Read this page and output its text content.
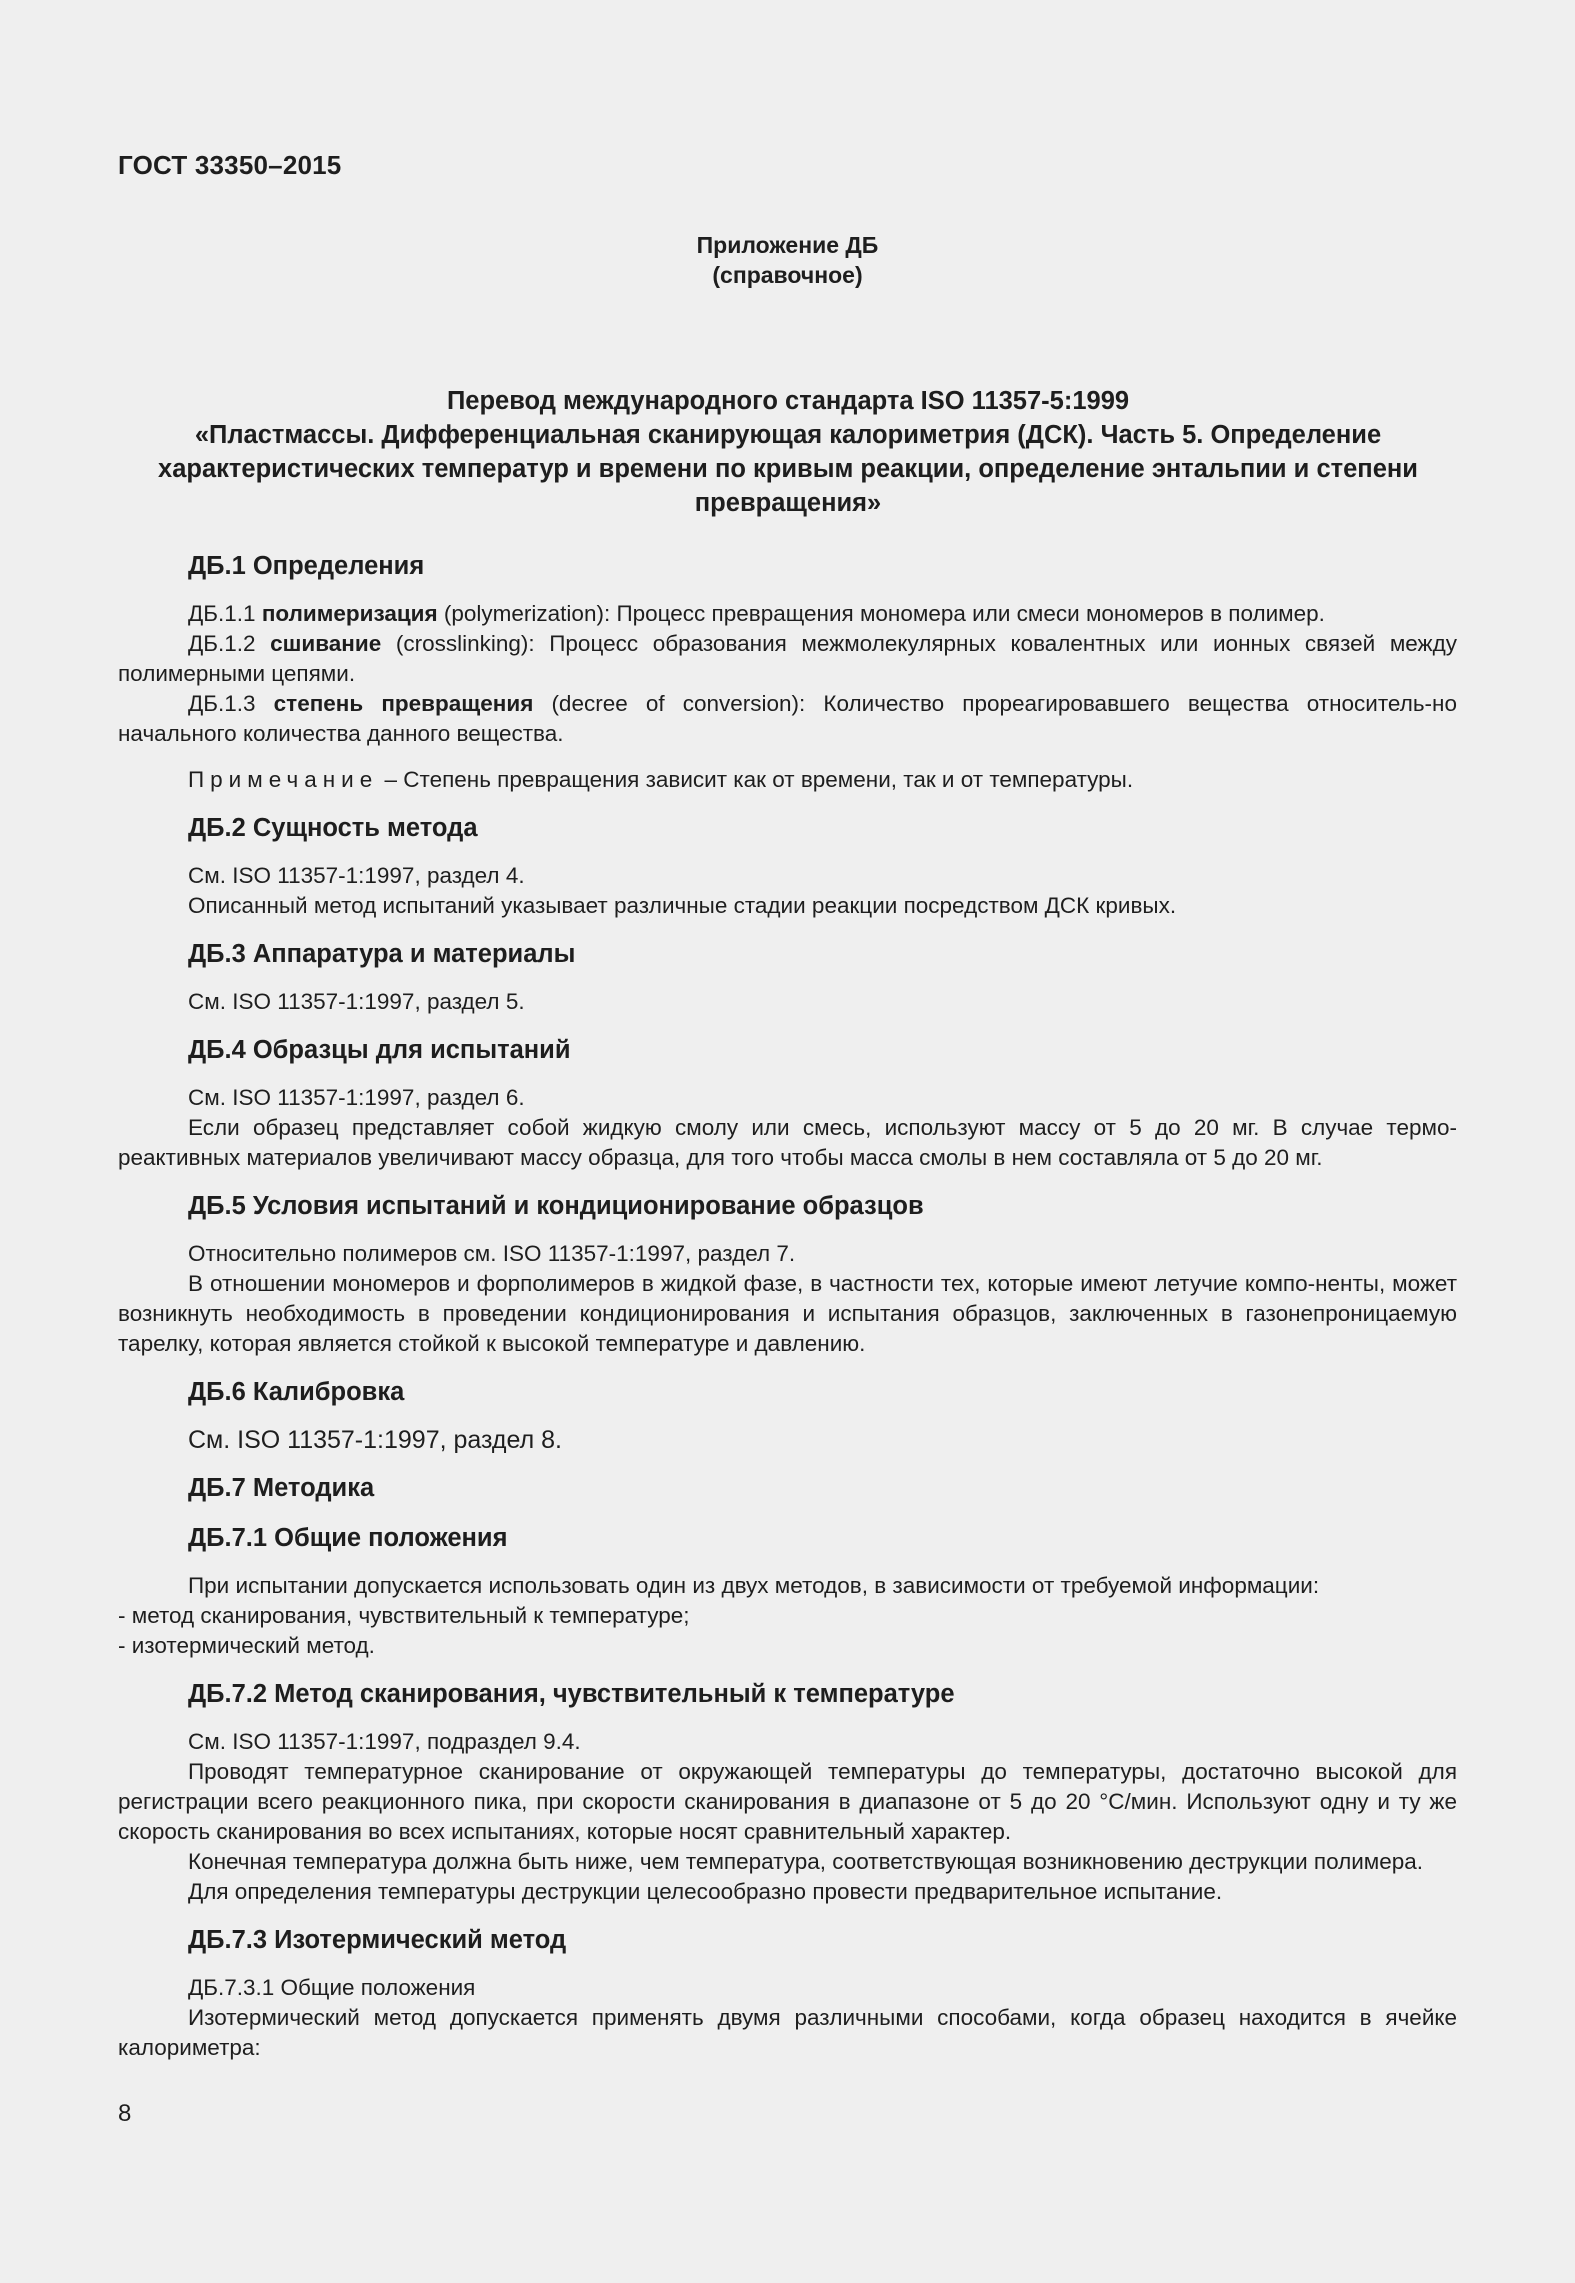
ГОСТ 33350–2015
Приложение ДБ
(справочное)
Перевод международного стандарта ISO 11357-5:1999
«Пластмассы. Дифференциальная сканирующая калориметрия (ДСК). Часть 5. Определение характеристических температур и времени по кривым реакции, определение энтальпии и степени превращения»
ДБ.1 Определения

ДБ.1.1 полимеризация (polymerization): Процесс превращения мономера или смеси мономеров в полимер.

ДБ.1.2 сшивание (crosslinking): Процесс образования межмолекулярных ковалентных или ионных связей между полимерными цепями.

ДБ.1.3 степень превращения (decree of conversion): Количество прореагировавшего вещества относитель-но начального количества данного вещества.

Примечание – Степень превращения зависит как от времени, так и от температуры.

ДБ.2 Сущность метода

См. ISO 11357-1:1997, раздел 4.

Описанный метод испытаний указывает различные стадии реакции посредством ДСК кривых.

ДБ.3 Аппаратура и материалы

См. ISO 11357-1:1997, раздел 5.

ДБ.4 Образцы для испытаний

См. ISO 11357-1:1997, раздел 6.

Если образец представляет собой жидкую смолу или смесь, используют массу от 5 до 20 мг. В случае термо-реактивных материалов увеличивают массу образца, для того чтобы масса смолы в нем составляла от 5 до 20 мг.

ДБ.5 Условия испытаний и кондиционирование образцов

Относительно полимеров см. ISO 11357-1:1997, раздел 7.

В отношении мономеров и форполимеров в жидкой фазе, в частности тех, которые имеют летучие компо-ненты, может возникнуть необходимость в проведении кондиционирования и испытания образцов, заключенных в газонепроницаемую тарелку, которая является стойкой к высокой температуре и давлению.

ДБ.6 Калибровка

См. ISO 11357-1:1997, раздел 8.

ДБ.7 Методика
ДБ.7.1 Общие положения

При испытании допускается использовать один из двух методов, в зависимости от требуемой информации:

- метод сканирования, чувствительный к температуре;

- изотермический метод.

ДБ.7.2 Метод сканирования, чувствительный к температуре

См. ISO 11357-1:1997, подраздел 9.4.

Проводят температурное сканирование от окружающей температуры до температуры, достаточно высокой для регистрации всего реакционного пика, при скорости сканирования в диапазоне от 5 до 20 °С/мин. Используют одну и ту же скорость сканирования во всех испытаниях, которые носят сравнительный характер.

Конечная температура должна быть ниже, чем температура, соответствующая возникновению деструкции полимера.

Для определения температуры деструкции целесообразно провести предварительное испытание.

ДБ.7.3 Изотермический метод

ДБ.7.3.1 Общие положения

Изотермический метод допускается применять двумя различными способами, когда образец находится в ячейке калориметра:

8
